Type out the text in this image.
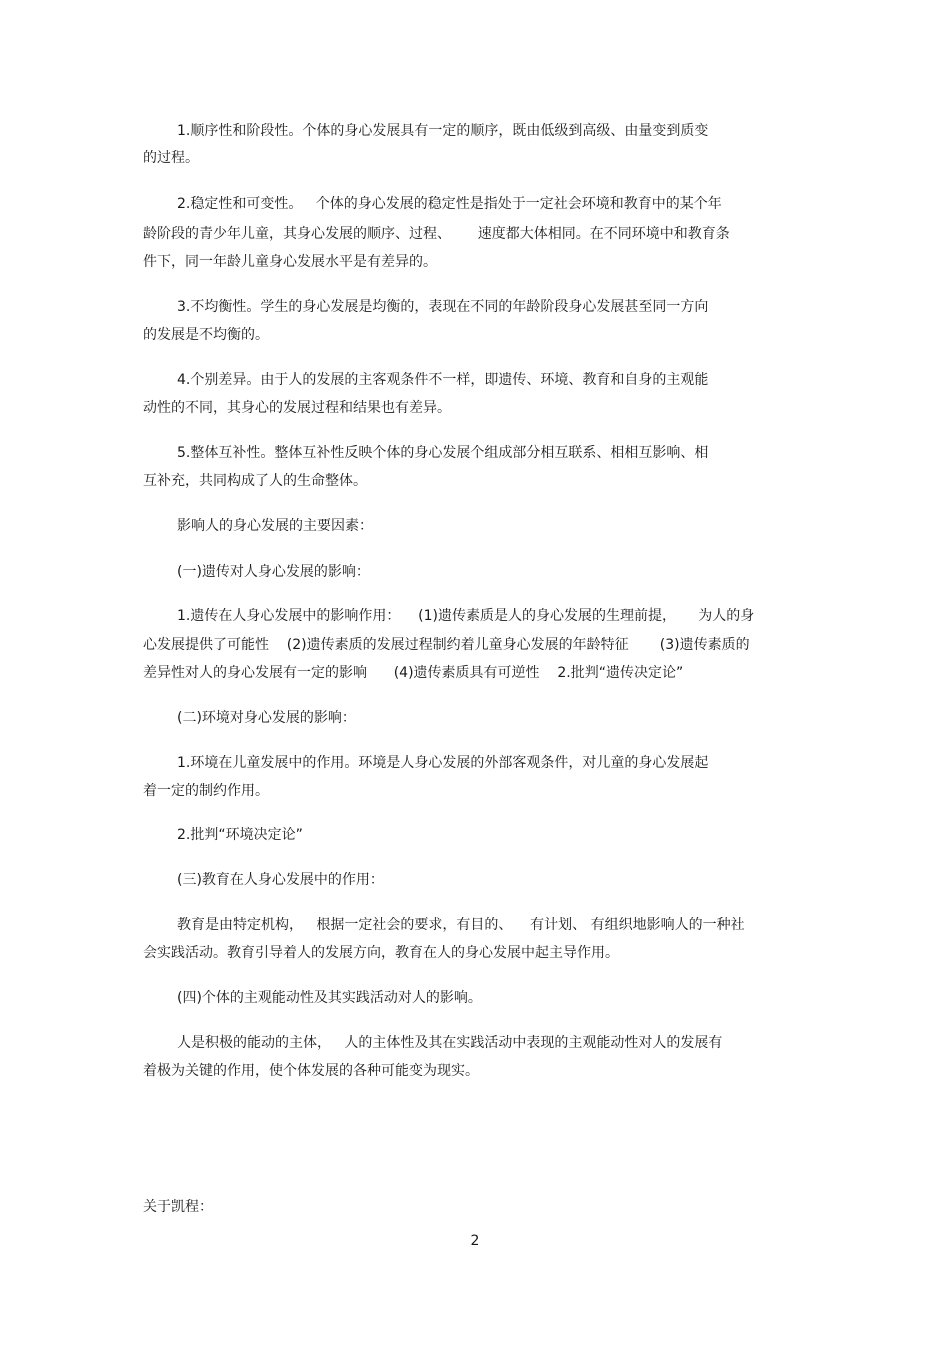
1.顺序性和阶段性。个体的身心发展具有一定的顺序，既由低级到高级、由量变到质变
的过程。
2.稳定性和可变性。   个体的身心发展的稳定性是指处于一定社会环境和教育中的某个年
龄阶段的青少年儿童，其身心发展的顺序、过程、      速度都大体相同。在不同环境中和教育条
件下，同一年龄儿童身心发展水平是有差异的。
3.不均衡性。学生的身心发展是均衡的，表现在不同的年龄阶段身心发展甚至同一方向
的发展是不均衡的。
4.个别差异。由于人的发展的主客观条件不一样，即遗传、环境、教育和自身的主观能
动性的不同，其身心的发展过程和结果也有差异。
5.整体互补性。整体互补性反映个体的身心发展个组成部分相互联系、相相互影响、相
互补充，共同构成了人的生命整体。
影响人的身心发展的主要因素：
(一)遗传对人身心发展的影响：
1.遗传在人身心发展中的影响作用：    (1)遗传素质是人的身心发展的生理前提，     为人的身
心发展提供了可能性    (2)遗传素质的发展过程制约着儿童身心发展的年龄特征       (3)遗传素质的
差异性对人的身心发展有一定的影响      (4)遗传素质具有可逆性    2.批判“遗传决定论”
(二)环境对身心发展的影响：
1.环境在儿童发展中的作用。环境是人身心发展的外部客观条件，对儿童的身心发展起
着一定的制约作用。
2.批判“环境决定论”
(三)教育在人身心发展中的作用：
教育是由特定机构，   根据一定社会的要求，有目的、    有计划、 有组织地影响人的一种社
会实践活动。教育引导着人的发展方向，教育在人的身心发展中起主导作用。
(四)个体的主观能动性及其实践活动对人的影响。
人是积极的能动的主体，   人的主体性及其在实践活动中表现的主观能动性对人的发展有
着极为关键的作用，使个体发展的各种可能变为现实。
关于凯程：
2
